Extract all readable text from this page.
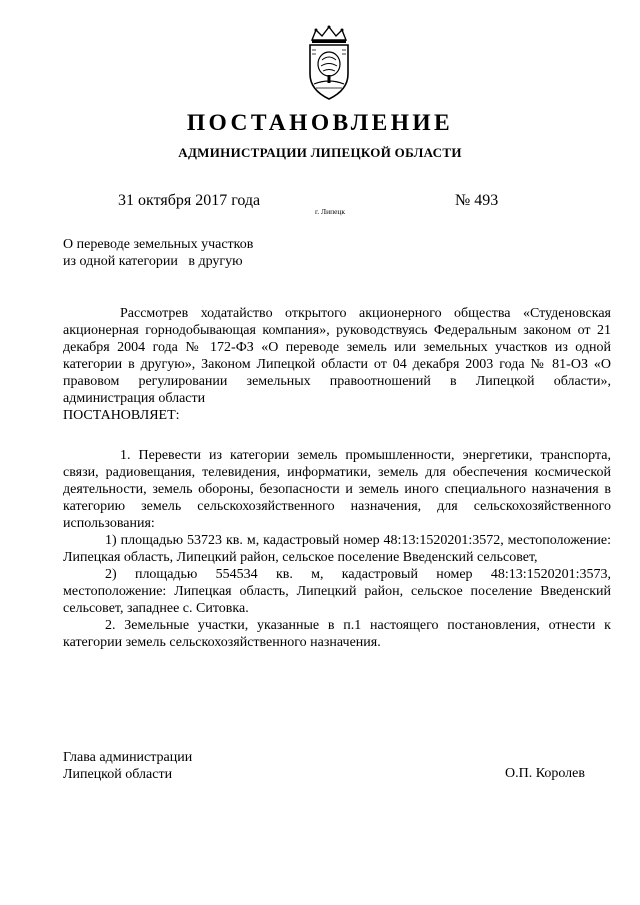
ПОСТАНОВЛЕНИЕ
АДМИНИСТРАЦИИ ЛИПЕЦКОЙ ОБЛАСТИ
31 октября 2017 года
г. Липецк
№ 493
О переводе земельных участков
из одной категории   в другую

Рассмотрев ходатайство открытого акционерного общества «Студеновская акционерная горнодобывающая компания», руководствуясь Федеральным законом от 21 декабря 2004 года № 172-ФЗ «О переводе земель или земельных участков из одной категории в другую», Законом Липецкой области от 04 декабря 2003 года № 81-ОЗ «О правовом регулировании земельных правоотношений в Липецкой области», администрация области

ПОСТАНОВЛЯЕТ:

1. Перевести из категории земель промышленности, энергетики, транспорта, связи, радиовещания, телевидения, информатики, земель для обеспечения космической деятельности, земель обороны, безопасности и земель иного специального назначения в категорию земель сельскохозяйственного назначения, для сельскохозяйственного использования:

1) площадью 53723 кв. м, кадастровый номер 48:13:1520201:3572, местоположение: Липецкая область, Липецкий район, сельское поселение Введенский сельсовет,

2) площадью 554534 кв. м, кадастровый номер 48:13:1520201:3573, местоположение: Липецкая область, Липецкий район, сельское поселение Введенский сельсовет, западнее с. Ситовка.

2. Земельные участки, указанные в п.1 настоящего постановления, отнести к категории земель сельскохозяйственного назначения.

Глава администрации
Липецкой области	О.П. Королев
